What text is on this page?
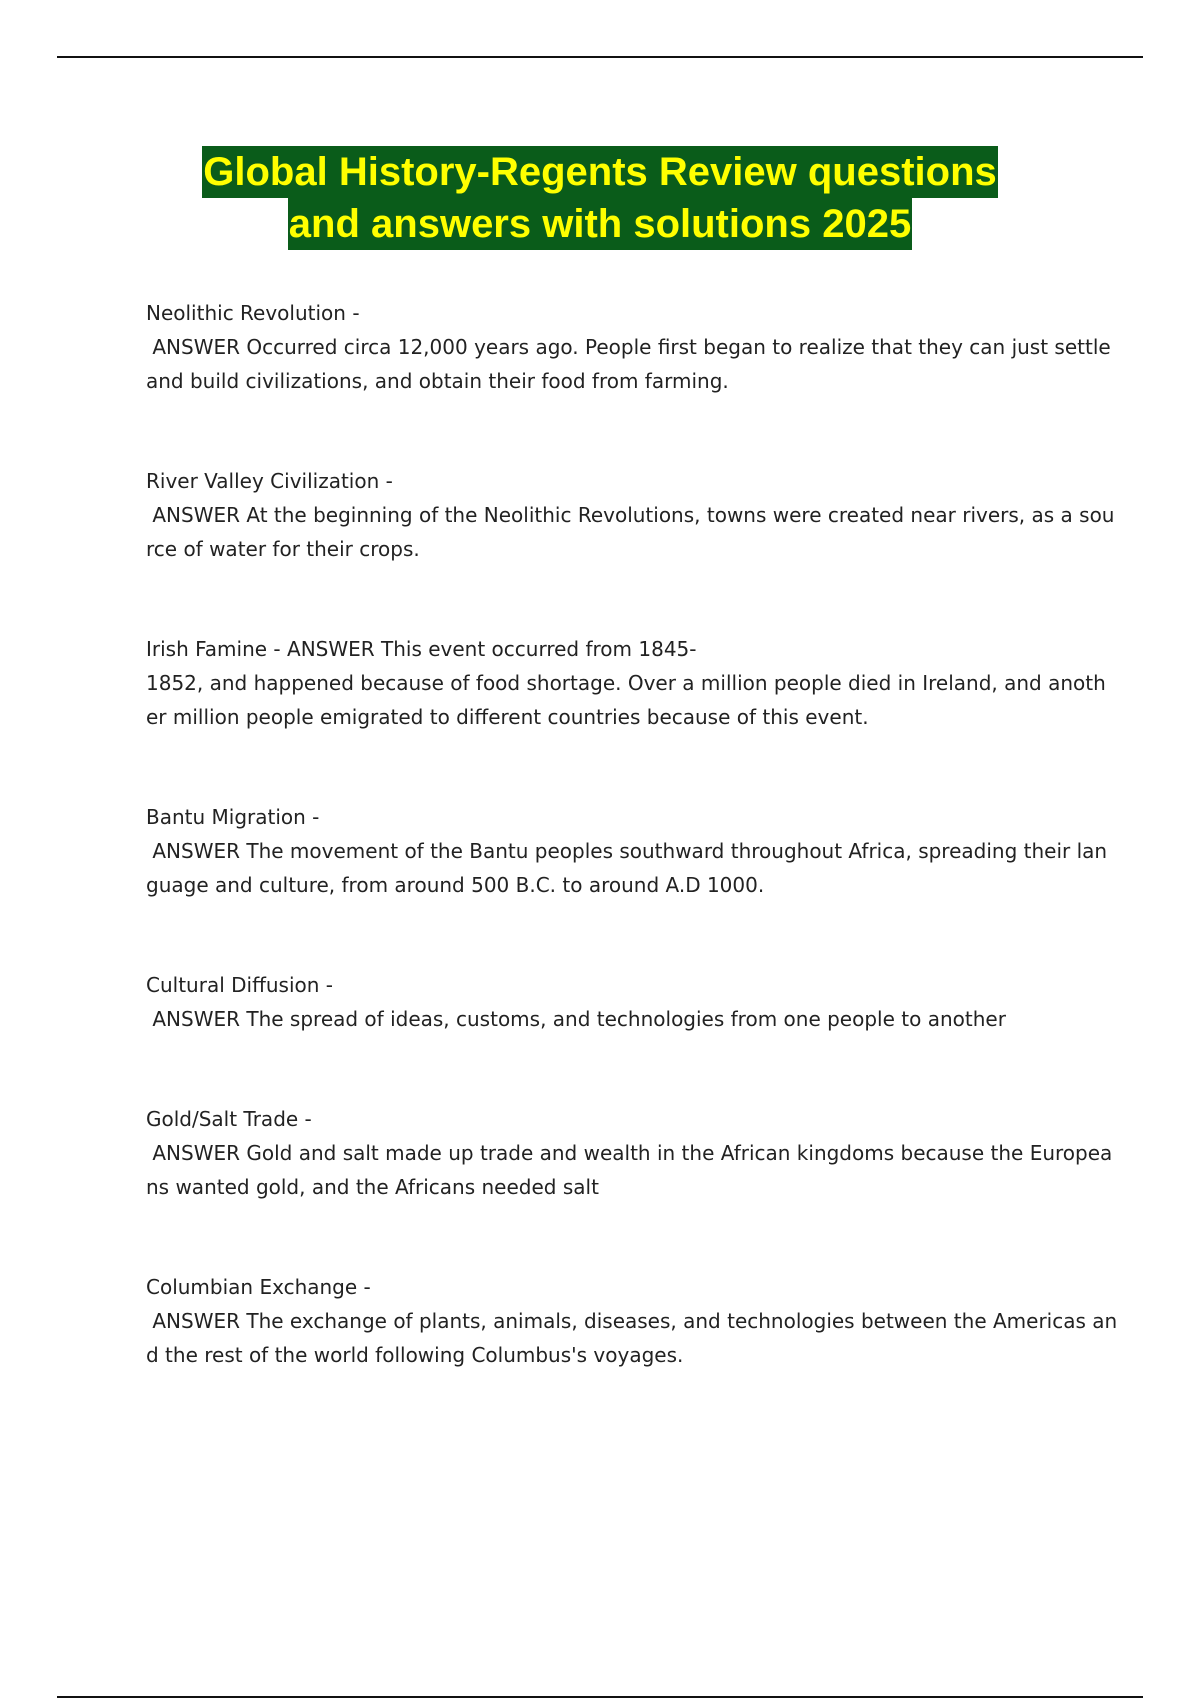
Global History-Regents Review questions
and answers with solutions 2025
Neolithic Revolution -
ANSWER Occurred circa 12,000 years ago. People first began to realize that they can just settle
and build civilizations, and obtain their food from farming.
River Valley Civilization -
ANSWER At the beginning of the Neolithic Revolutions, towns were created near rivers, as a sou
rce of water for their crops.
Irish Famine - ANSWER This event occurred from 1845-
1852, and happened because of food shortage. Over a million people died in Ireland, and anoth
er million people emigrated to different countries because of this event.
Bantu Migration -
ANSWER The movement of the Bantu peoples southward throughout Africa, spreading their lan
guage and culture, from around 500 B.C. to around A.D 1000.
Cultural Diffusion -
ANSWER The spread of ideas, customs, and technologies from one people to another
Gold/Salt Trade -
ANSWER Gold and salt made up trade and wealth in the African kingdoms because the Europea
ns wanted gold, and the Africans needed salt
Columbian Exchange -
ANSWER The exchange of plants, animals, diseases, and technologies between the Americas an
d the rest of the world following Columbus's voyages.
